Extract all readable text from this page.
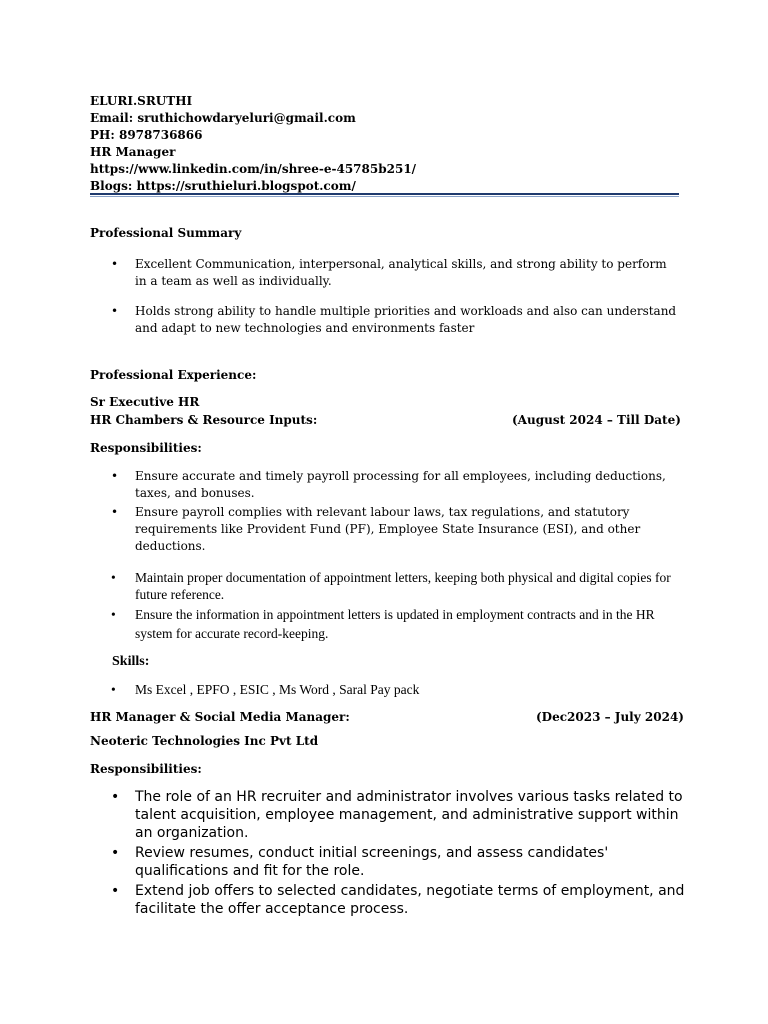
ELURI.SRUTHI
Email: sruthichowdaryeluri@gmail.com
PH: 8978736866
HR Manager
https://www.linkedin.com/in/shree-e-45785b251/
Blogs: https://sruthieluri.blogspot.com/
Professional Summary
• Excellent Communication, interpersonal, analytical skills, and strong ability to perform in a team as well as individually.
• Holds strong ability to handle multiple priorities and workloads and also can understand and adapt to new technologies and environments faster
Professional Experience:
Sr Executive HR
HR Chambers & Resource Inputs:	(August 2024 – Till Date)
Responsibilities:
• Ensure accurate and timely payroll processing for all employees, including deductions, taxes, and bonuses.
• Ensure payroll complies with relevant labour laws, tax regulations, and statutory requirements like Provident Fund (PF), Employee State Insurance (ESI), and other deductions.
• Maintain proper documentation of appointment letters, keeping both physical and digital copies for future reference.
• Ensure the information in appointment letters is updated in employment contracts and in the HR system for accurate record-keeping.
Skills:
• Ms Excel , EPFO , ESIC , Ms Word , Saral Pay pack
HR Manager & Social Media Manager:	(Dec2023 – July 2024)
Neoteric Technologies Inc Pvt Ltd
Responsibilities:
• The role of an HR recruiter and administrator involves various tasks related to talent acquisition, employee management, and administrative support within an organization.
• Review resumes, conduct initial screenings, and assess candidates' qualifications and fit for the role.
• Extend job offers to selected candidates, negotiate terms of employment, and facilitate the offer acceptance process.
